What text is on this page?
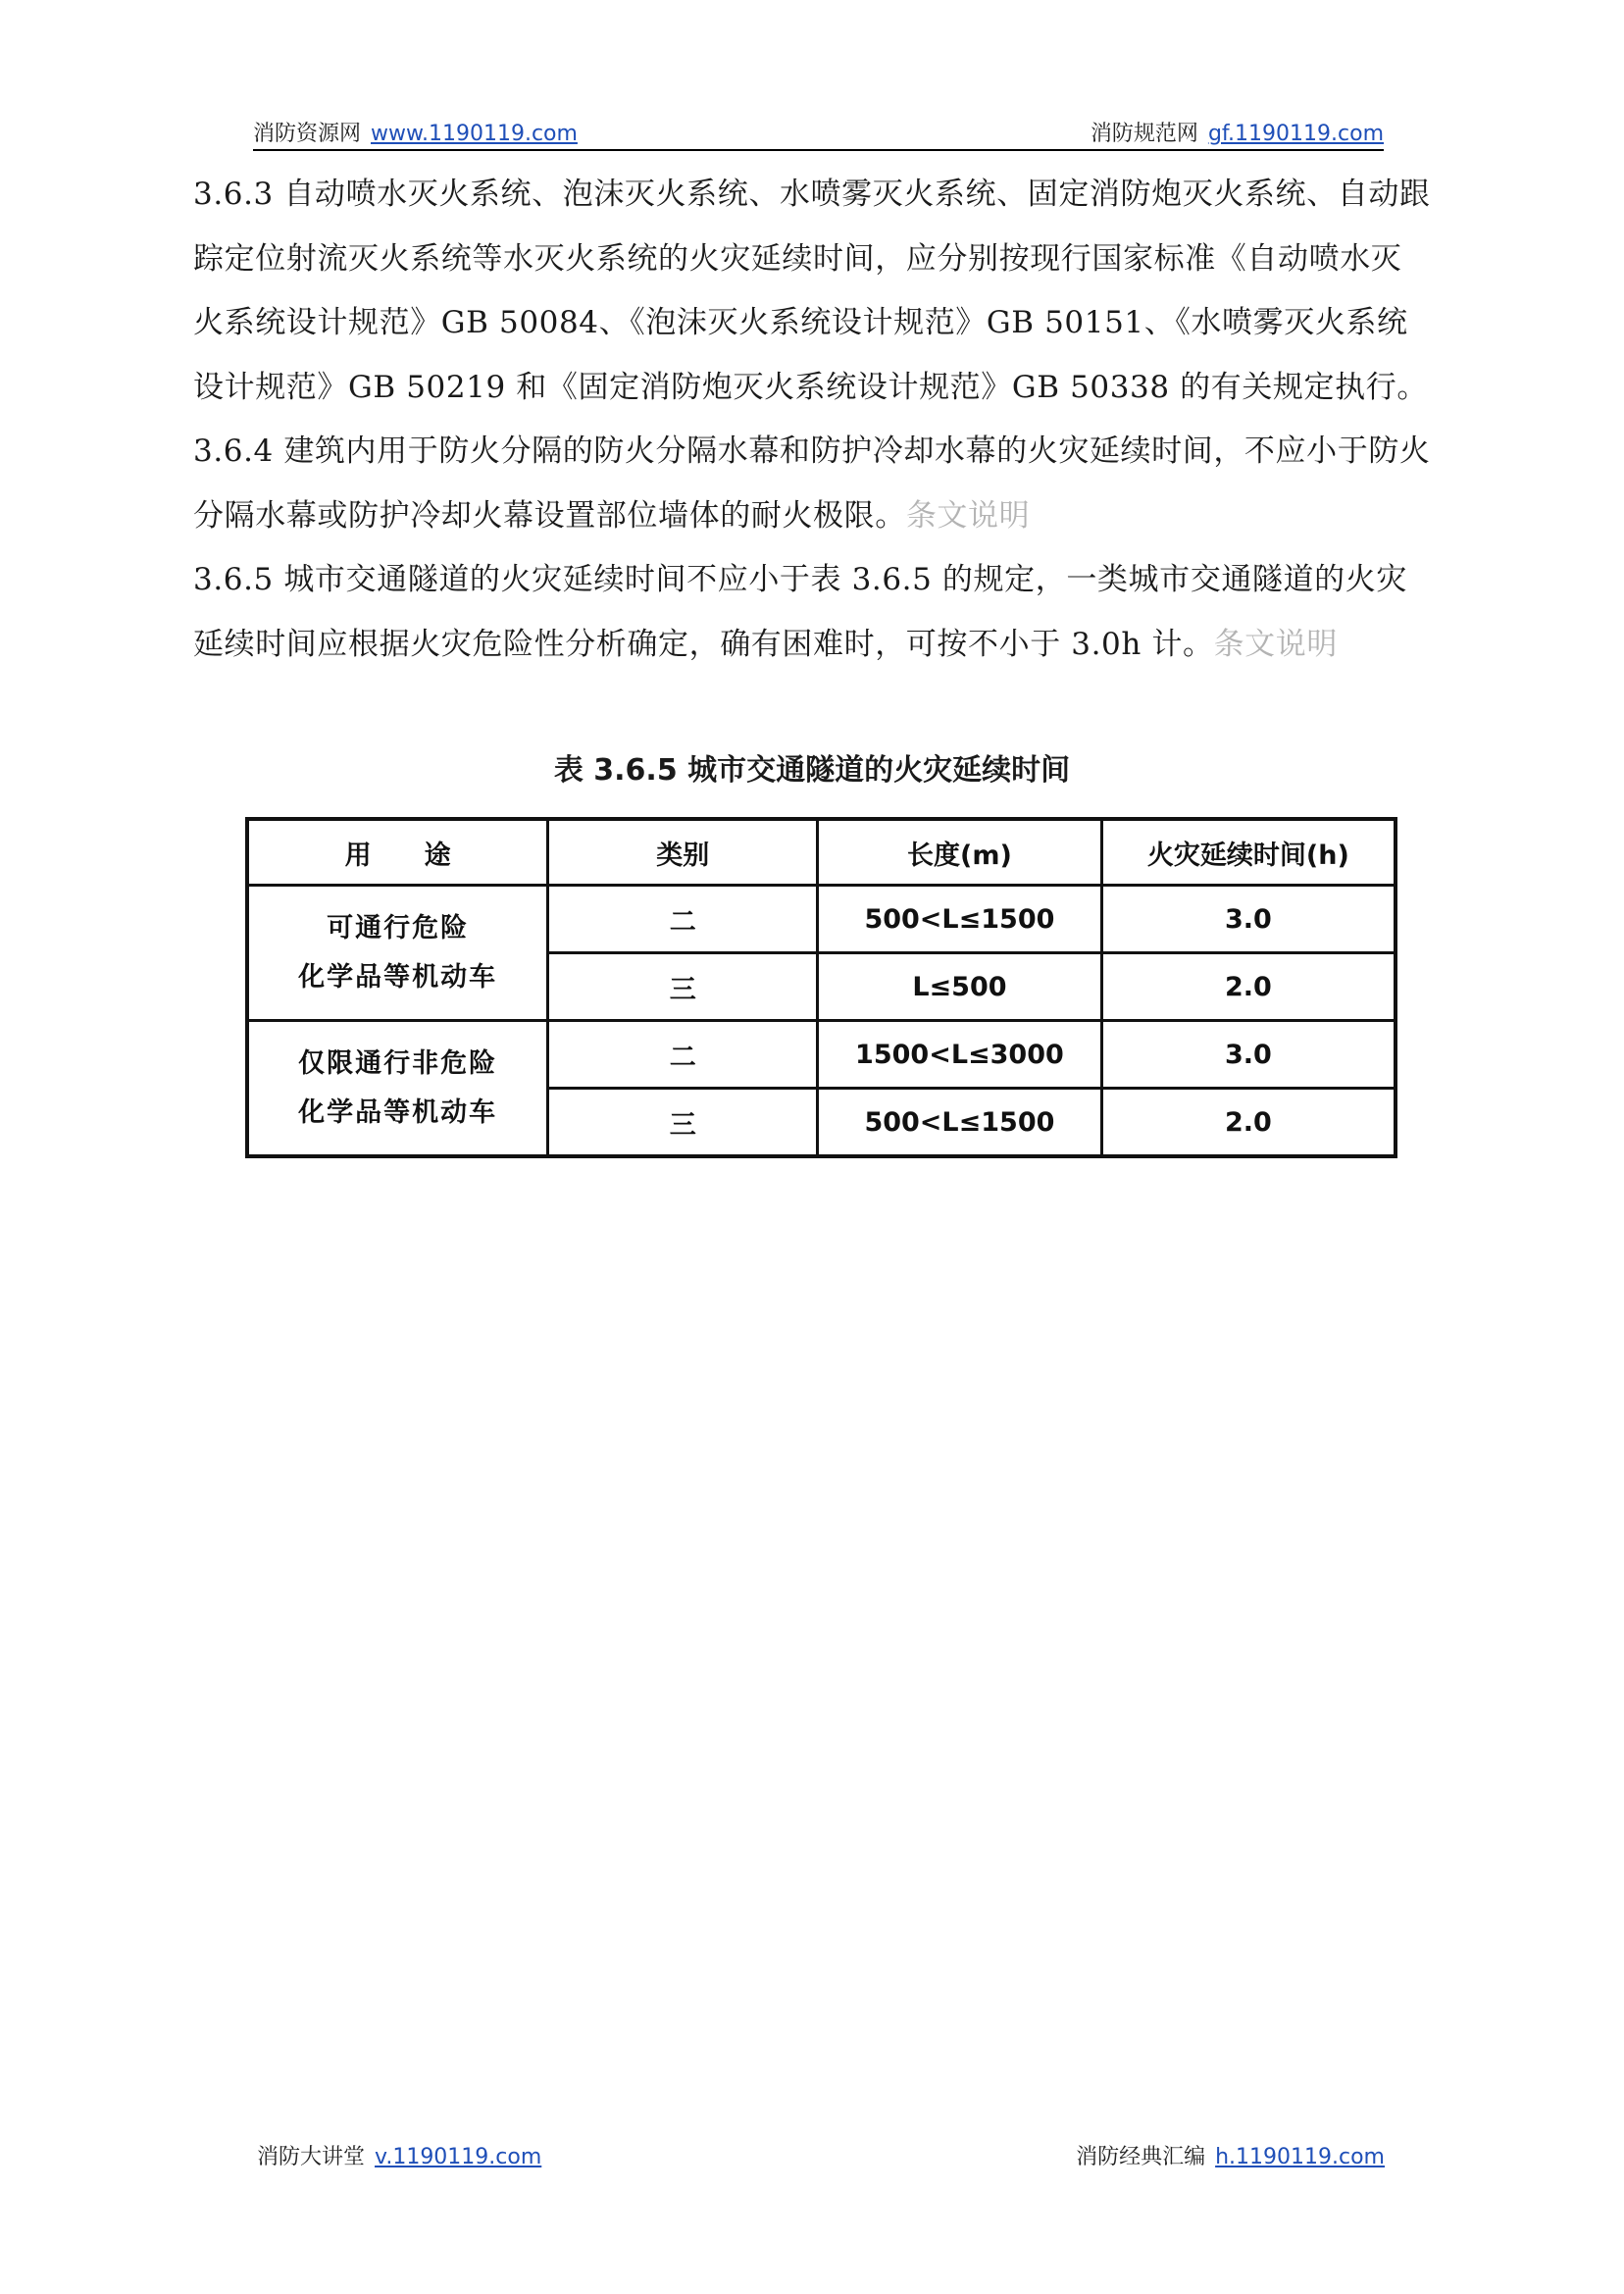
消防资源网 www.1190119.com	消防规范网 gf.1190119.com

3.6.3 自动喷水灭火系统、泡沫灭火系统、水喷雾灭火系统、固定消防炮灭火系统、自动跟踪定位射流灭火系统等水灭火系统的火灾延续时间，应分别按现行国家标准《自动喷水灭火系统设计规范》GB 50084、《泡沫灭火系统设计规范》GB 50151、《水喷雾灭火系统设计规范》GB 50219 和《固定消防炮灭火系统设计规范》GB 50338 的有关规定执行。

3.6.4 建筑内用于防火分隔的防火分隔水幕和防护冷却水幕的火灾延续时间，不应小于防火分隔水幕或防护冷却火幕设置部位墙体的耐火极限。条文说明

3.6.5 城市交通隧道的火灾延续时间不应小于表 3.6.5 的规定，一类城市交通隧道的火灾延续时间应根据火灾危险性分析确定，确有困难时，可按不小于 3.0h 计。条文说明

表 3.6.5 城市交通隧道的火灾延续时间
用　　途	类别	长度(m)	火灾延续时间(h)

可通行危险
化学品等机动车	二	500<L≤1500	3.0
	三	L≤500	2.0

仅限通行非危险
化学品等机动车	二	1500<L≤3000	3.0
	三	500<L≤1500	2.0
消防大讲堂 v.1190119.com	消防经典汇编 h.1190119.com
